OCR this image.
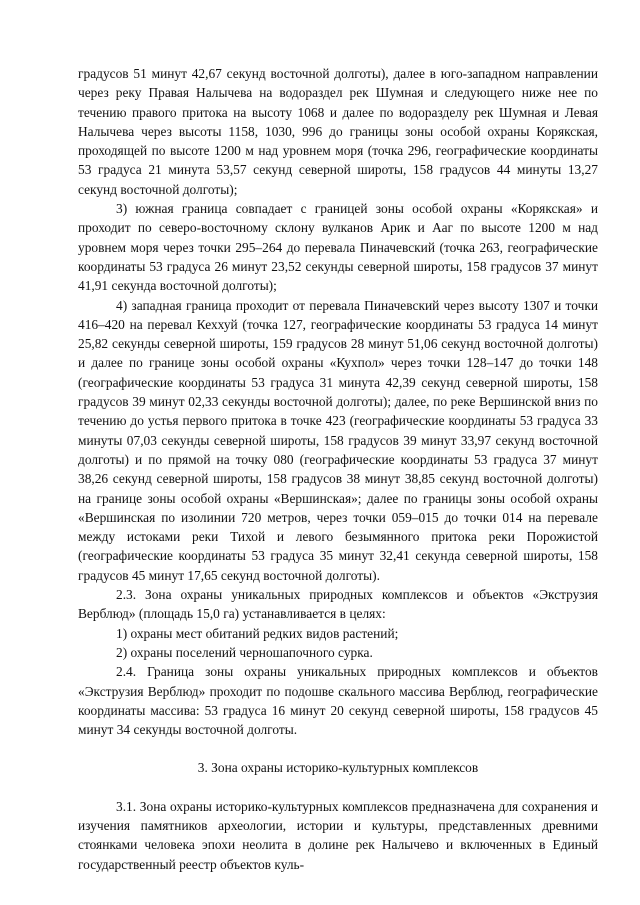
градусов 51 минут 42,67 секунд восточной долготы), далее в юго-западном направлении через реку Правая Налычева на водораздел рек Шумная и следующего ниже нее по течению правого притока на высоту 1068 и далее по водоразделу рек Шумная и Левая Налычева через высоты 1158, 1030, 996 до границы зоны особой охраны Корякская, проходящей по высоте 1200 м над уровнем моря (точка 296, географические координаты 53 градуса 21 минута 53,57 секунд северной широты, 158 градусов 44 минуты 13,27 секунд восточной долготы);

3) южная граница совпадает с границей зоны особой охраны «Корякская» и проходит по северо-восточному склону вулканов Арик и Ааг по высоте 1200 м над уровнем моря через точки 295–264 до перевала Пиначевский (точка 263, географические координаты 53 градуса 26 минут 23,52 секунды северной широты, 158 градусов 37 минут 41,91 секунда восточной долготы);

4) западная граница проходит от перевала Пиначевский через высоту 1307 и точки 416–420 на перевал Кеххуй (точка 127, географические координаты 53 градуса 14 минут 25,82 секунды северной широты, 159 градусов 28 минут 51,06 секунд восточной долготы) и далее по границе зоны особой охраны «Кухпол» через точки 128–147 до точки 148 (географические координаты 53 градуса 31 минута 42,39 секунд северной широты, 158 градусов 39 минут 02,33 секунды восточной долготы); далее, по реке Вершинской вниз по течению до устья первого притока в точке 423 (географические координаты 53 градуса 33 минуты 07,03 секунды северной широты, 158 градусов 39 минут 33,97 секунд восточной долготы) и по прямой на точку 080 (географические координаты 53 градуса 37 минут 38,26 секунд северной широты, 158 градусов 38 минут 38,85 секунд восточной долготы) на границе зоны особой охраны «Вершинская»; далее по границы зоны особой охраны «Вершинская по изолинии 720 метров, через точки 059–015 до точки 014 на перевале между истоками реки Тихой и левого безымянного притока реки Порожистой (географические координаты 53 градуса 35 минут 32,41 секунда северной широты, 158 градусов 45 минут 17,65 секунд восточной долготы).

2.3. Зона охраны уникальных природных комплексов и объектов «Экструзия Верблюд» (площадь 15,0 га) устанавливается в целях:

1) охраны мест обитаний редких видов растений;

2) охраны поселений черношапочного сурка.

2.4. Граница зоны охраны уникальных природных комплексов и объектов «Экструзия Верблюд» проходит по подошве скального массива Верблюд, географические координаты массива: 53 градуса 16 минут 20 секунд северной широты, 158 градусов 45 минут 34 секунды восточной долготы.

3. Зона охраны историко-культурных комплексов

3.1. Зона охраны историко-культурных комплексов предназначена для сохранения и изучения памятников археологии, истории и культуры, представленных древними стоянками человека эпохи неолита в долине рек Налычево и включенных в Единый государственный реестр объектов куль-
